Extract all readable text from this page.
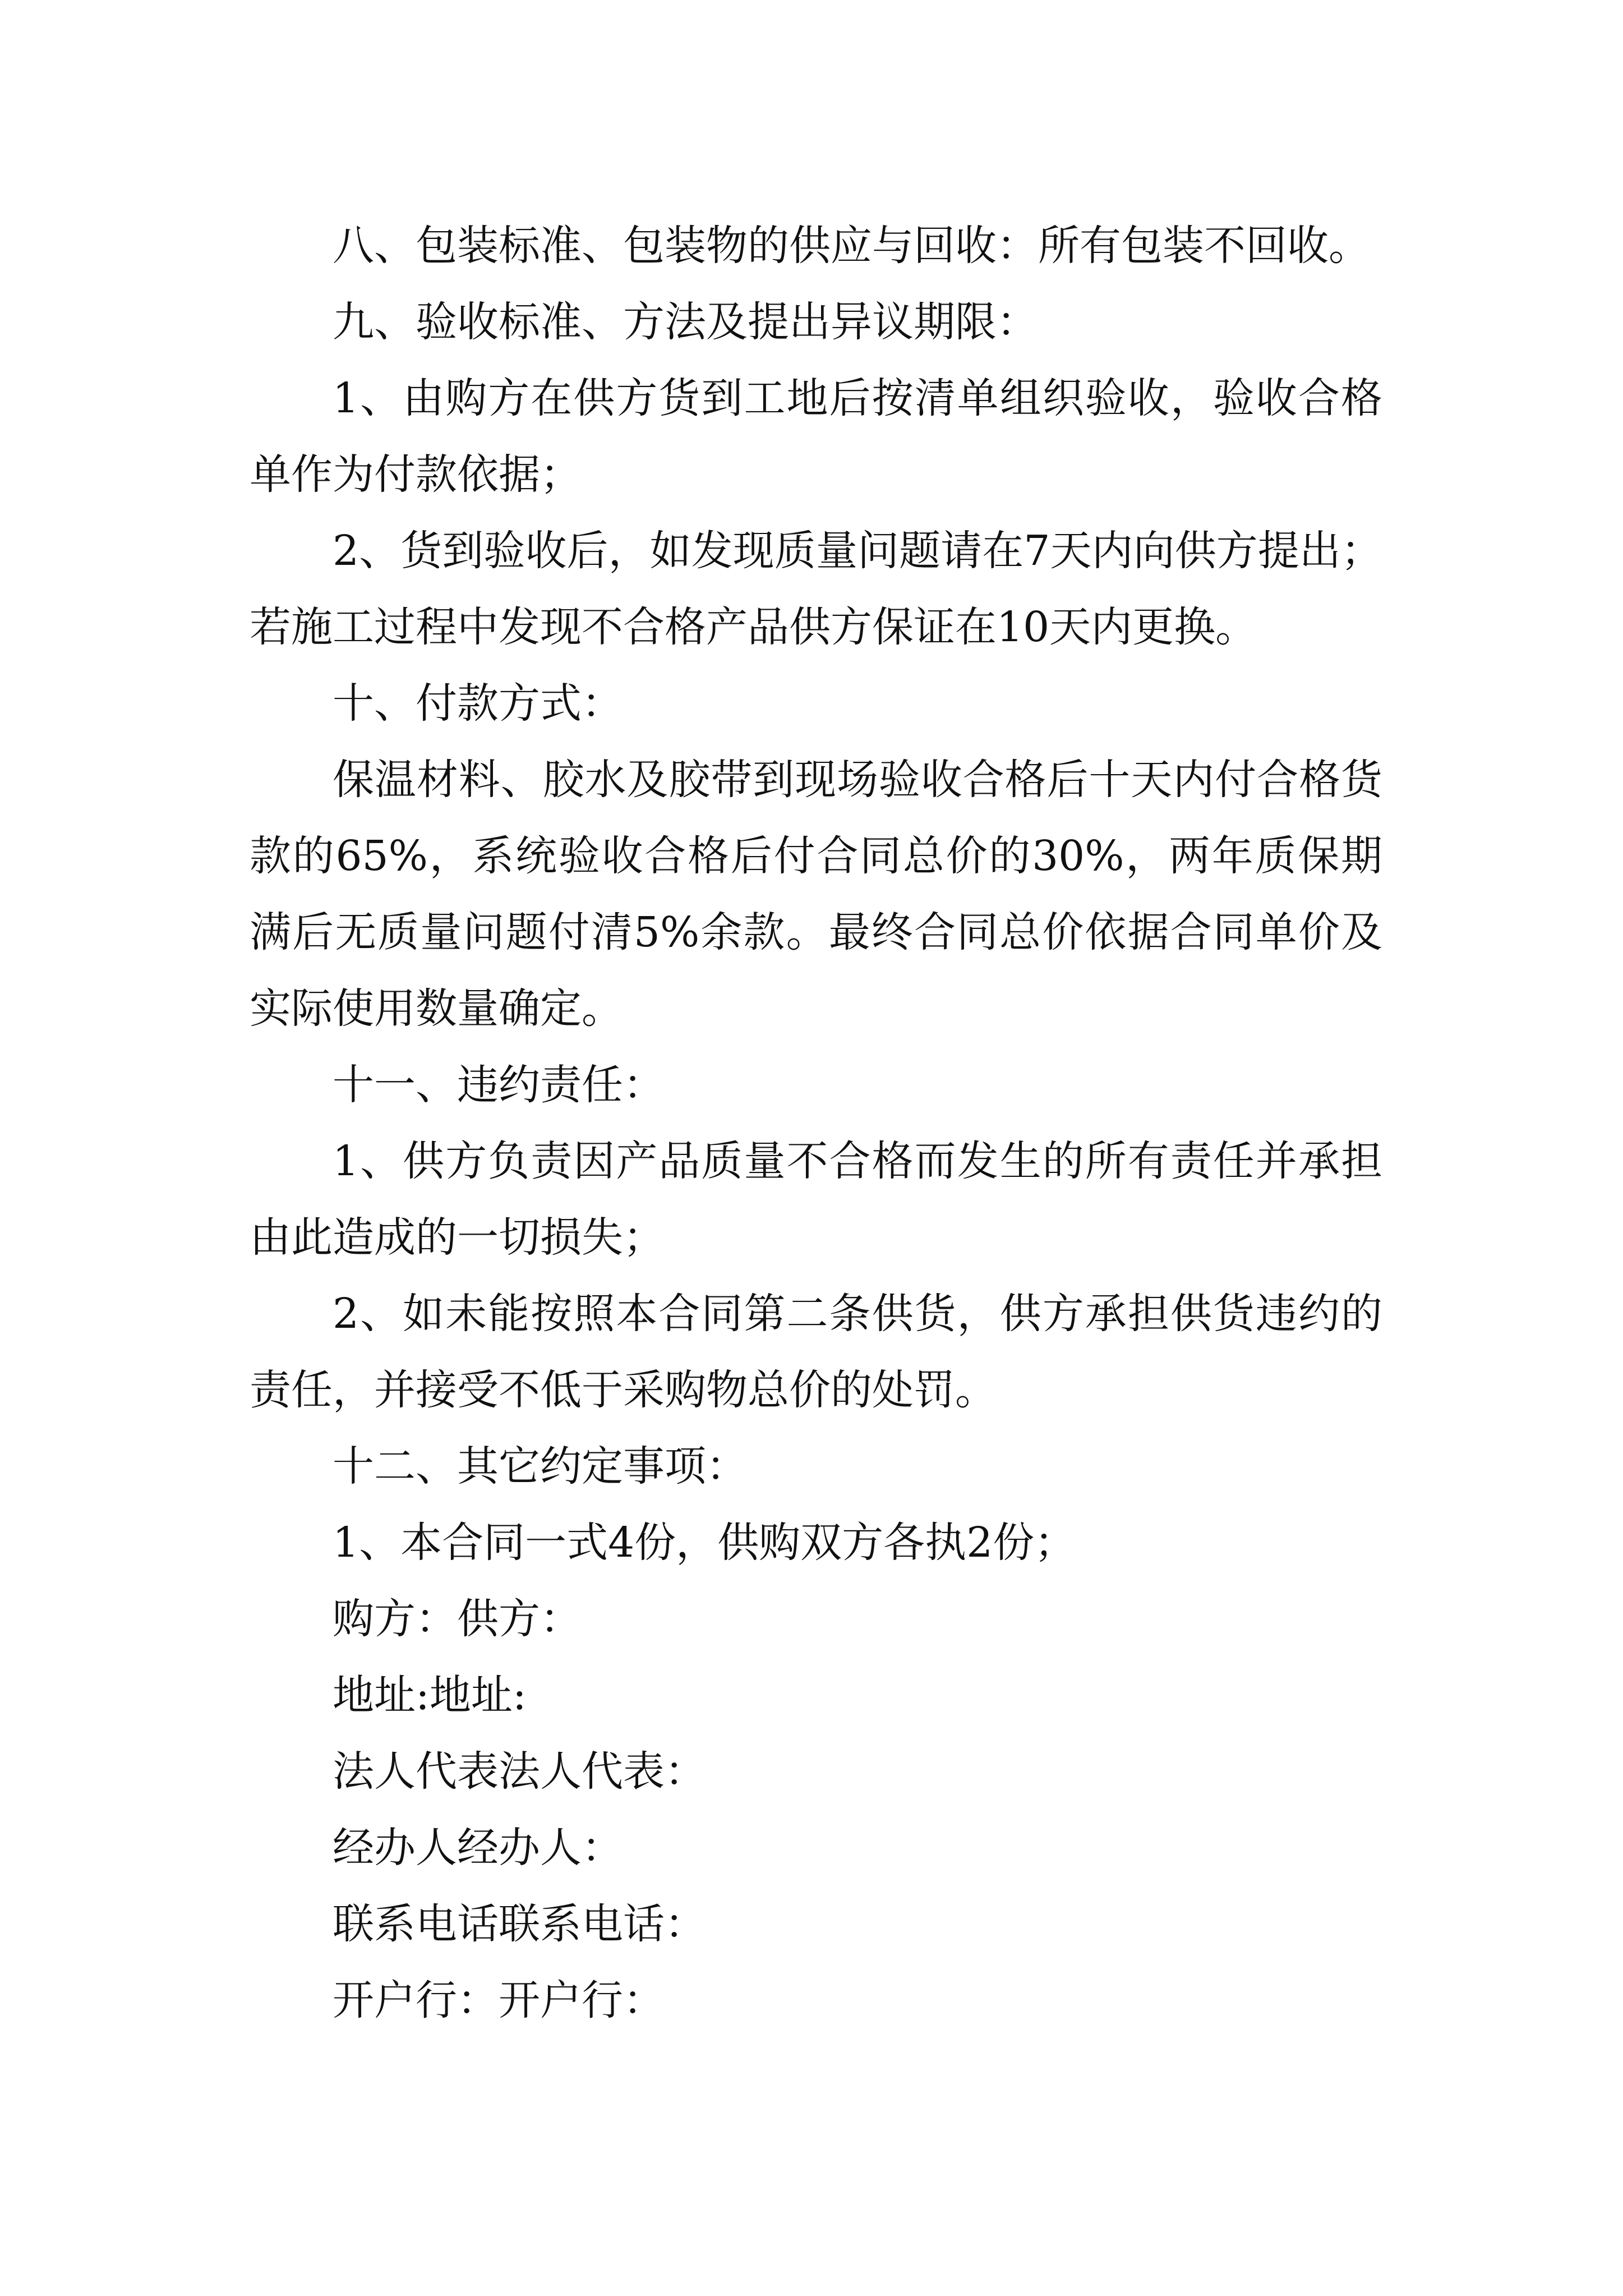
八、包装标准、包装物的供应与回收：所有包装不回收。

九、验收标准、方法及提出异议期限：

1、由购方在供方货到工地后按清单组织验收，验收合格单作为付款依据；

2、货到验收后，如发现质量问题请在7天内向供方提出；若施工过程中发现不合格产品供方保证在10天内更换。

十、付款方式：

保温材料、胶水及胶带到现场验收合格后十天内付合格货款的65%，系统验收合格后付合同总价的30%，两年质保期满后无质量问题付清5%余款。最终合同总价依据合同单价及实际使用数量确定。

十一、违约责任：

1、供方负责因产品质量不合格而发生的所有责任并承担由此造成的一切损失；

2、如未能按照本合同第二条供货，供方承担供货违约的责任，并接受不低于采购物总价的处罚。

十二、其它约定事项：

1、本合同一式4份，供购双方各执2份；

购方：供方：

地址:地址:

法人代表法人代表：

经办人经办人：

联系电话联系电话：

开户行：开户行：
